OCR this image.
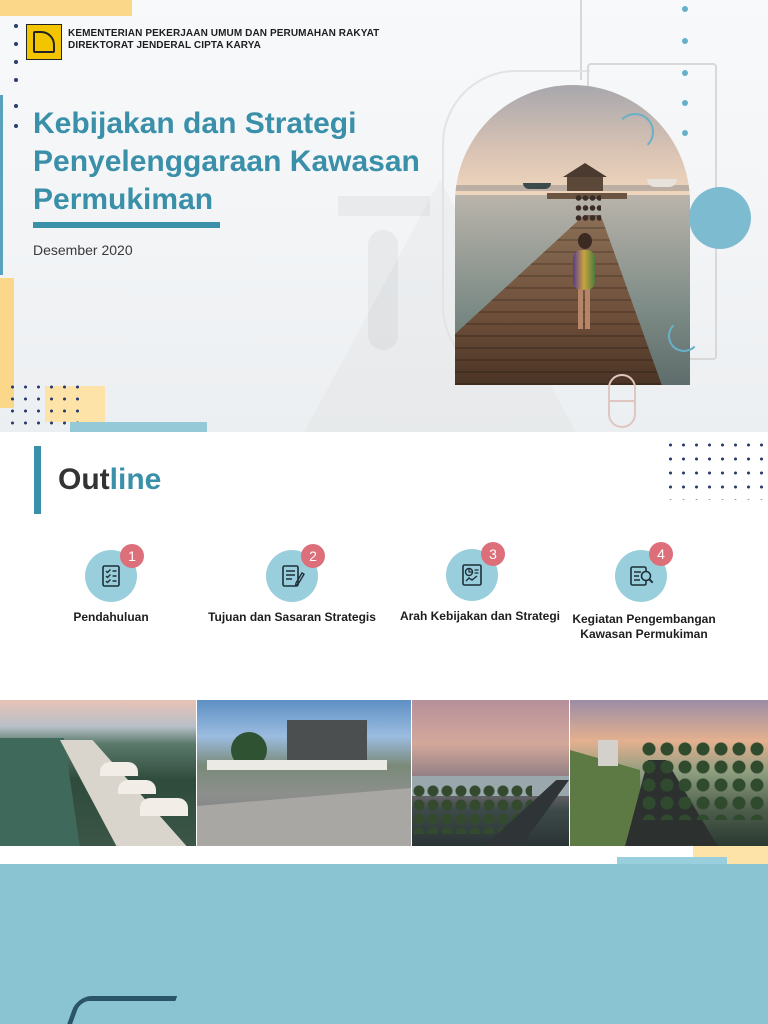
KEMENTERIAN PEKERJAAN UMUM DAN PERUMAHAN RAKYAT
DIREKTORAT JENDERAL CIPTA KARYA
Kebijakan dan Strategi
Penyelenggaraan Kawasan
Permukiman
Desember 2020
Outline
1
Pendahuluan
2
Tujuan dan Sasaran Strategis
3
Arah Kebijakan dan Strategi
4
Kegiatan Pengembangan Kawasan Permukiman
